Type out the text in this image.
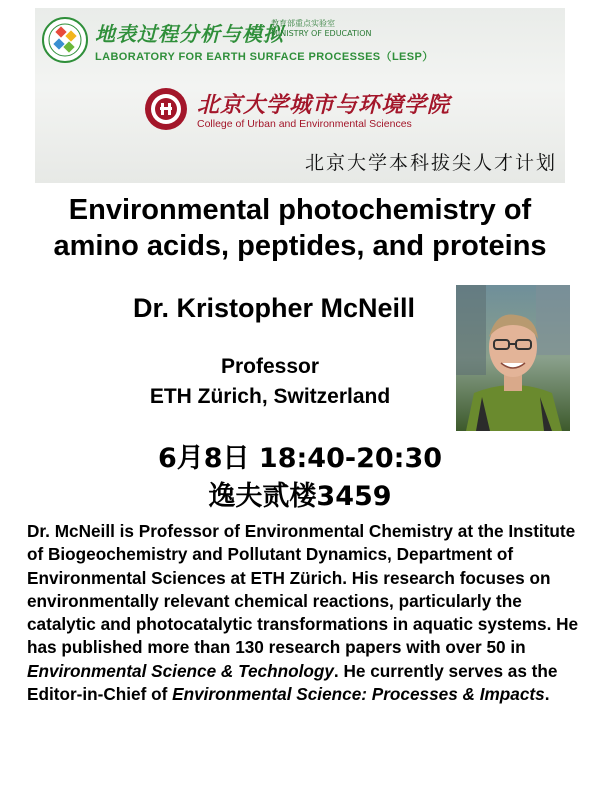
地表过程分析与模拟
教育部重点实验室
MINISTRY OF EDUCATION
LABORATORY FOR EARTH SURFACE PROCESSES（LESP）
北京大学城市与环境学院
College of Urban and Environmental Sciences
北京大学本科拔尖人才计划
Environmental photochemistry of
amino acids, peptides, and proteins
Dr. Kristopher McNeill
Professor
ETH Zürich, Switzerland
6月8日 18:40-20:30
逸夫贰楼3459
Dr. McNeill is Professor of Environmental Chemistry at the Institute of Biogeochemistry and Pollutant Dynamics, Department of Environmental Sciences at ETH Zürich. His research focuses on environmentally relevant chemical reactions, particularly the catalytic and photocatalytic transformations in aquatic systems. He has published more than 130 research papers with over 50 in Environmental Science & Technology. He currently serves as the Editor-in-Chief of Environmental Science: Processes & Impacts.
